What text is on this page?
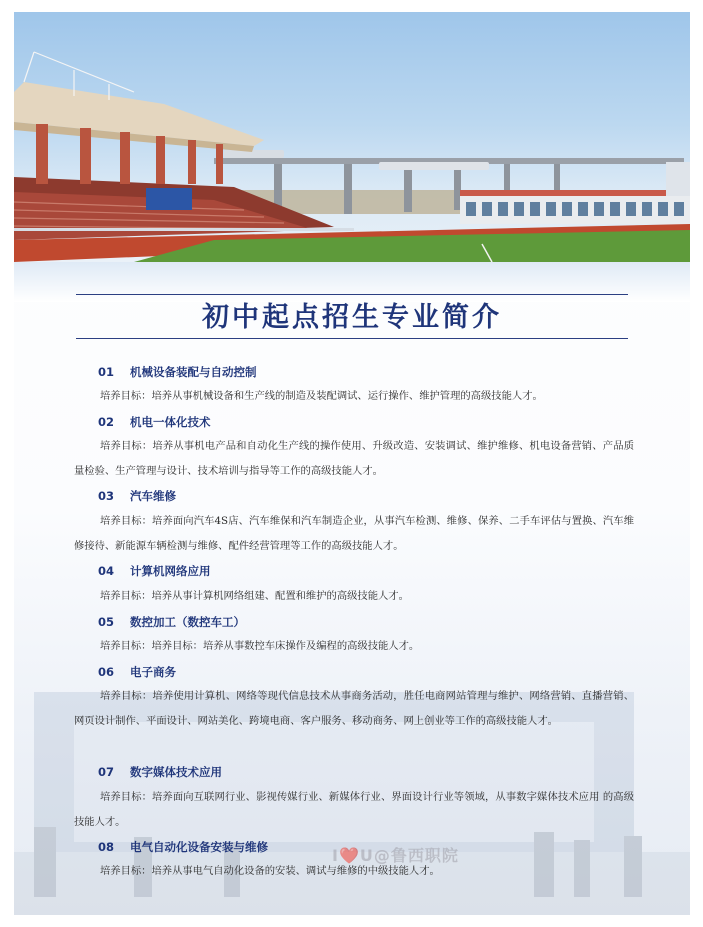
I❤️U@鲁西职院
初中起点招生专业简介
01 机械设备装配与自动控制
培养目标：培养从事机械设备和生产线的制造及装配调试、运行操作、维护管理的高级技能人才。
02 机电一体化技术
培养目标：培养从事机电产品和自动化生产线的操作使用、升级改造、安装调试、维护维修、机电设备营销、产品质量检验、生产管理与设计、技术培训与指导等工作的高级技能人才。
03 汽车维修
培养目标：培养面向汽车4S店、汽车维保和汽车制造企业，从事汽车检测、维修、保养、二手车评估与置换、汽车维修接待、新能源车辆检测与维修、配件经营管理等工作的高级技能人才。
04 计算机网络应用
培养目标：培养从事计算机网络组建、配置和维护的高级技能人才。
05 数控加工（数控车工）
培养目标：培养目标：培养从事数控车床操作及编程的高级技能人才。
06 电子商务
培养目标：培养使用计算机、网络等现代信息技术从事商务活动，胜任电商网站管理与维护、网络营销、直播营销、 网页设计制作、平面设计、网站美化、跨境电商、客户服务、移动商务、网上创业等工作的高级技能人才。
07 数字媒体技术应用
培养目标：培养面向互联网行业、影视传媒行业、新媒体行业、界面设计行业等领域，从事数字媒体技术应用 的高级技能人才。
08 电气自动化设备安装与维修
培养目标：培养从事电气自动化设备的安装、调试与维修的中级技能人才。
